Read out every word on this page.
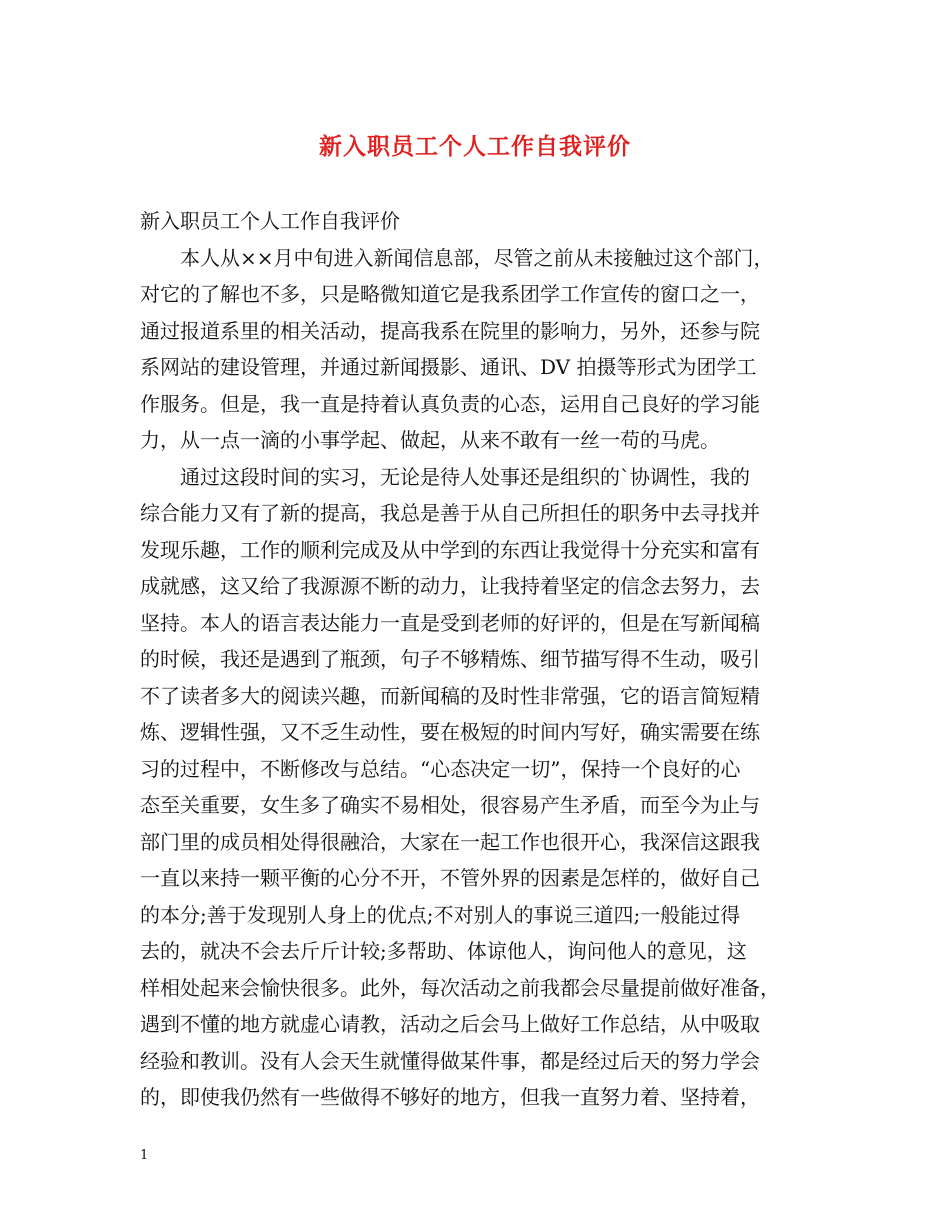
新入职员工个人工作自我评价

新入职员工个人工作自我评价

本人从××月中旬进入新闻信息部，尽管之前从未接触过这个部门，

对它的了解也不多，只是略微知道它是我系团学工作宣传的窗口之一，

通过报道系里的相关活动，提高我系在院里的影响力，另外，还参与院

系网站的建设管理，并通过新闻摄影、通讯、DV 拍摄等形式为团学工

作服务。但是，我一直是持着认真负责的心态，运用自己良好的学习能

力，从一点一滴的小事学起、做起，从来不敢有一丝一苟的马虎。

通过这段时间的实习，无论是待人处事还是组织的`协调性，我的

综合能力又有了新的提高，我总是善于从自己所担任的职务中去寻找并

发现乐趣，工作的顺利完成及从中学到的东西让我觉得十分充实和富有

成就感，这又给了我源源不断的动力，让我持着坚定的信念去努力，去

坚持。本人的语言表达能力一直是受到老师的好评的，但是在写新闻稿

的时候，我还是遇到了瓶颈，句子不够精炼、细节描写得不生动，吸引

不了读者多大的阅读兴趣，而新闻稿的及时性非常强，它的语言简短精

炼、逻辑性强，又不乏生动性，要在极短的时间内写好，确实需要在练

习的过程中，不断修改与总结。“心态决定一切”，保持一个良好的心

态至关重要，女生多了确实不易相处，很容易产生矛盾，而至今为止与

部门里的成员相处得很融洽，大家在一起工作也很开心，我深信这跟我

一直以来持一颗平衡的心分不开，不管外界的因素是怎样的，做好自己

的本分;善于发现别人身上的优点;不对别人的事说三道四;一般能过得

去的，就决不会去斤斤计较;多帮助、体谅他人，询问他人的意见，这

样相处起来会愉快很多。此外，每次活动之前我都会尽量提前做好准备，

遇到不懂的地方就虚心请教，活动之后会马上做好工作总结，从中吸取

经验和教训。没有人会天生就懂得做某件事，都是经过后天的努力学会

的，即使我仍然有一些做得不够好的地方，但我一直努力着、坚持着，

1
